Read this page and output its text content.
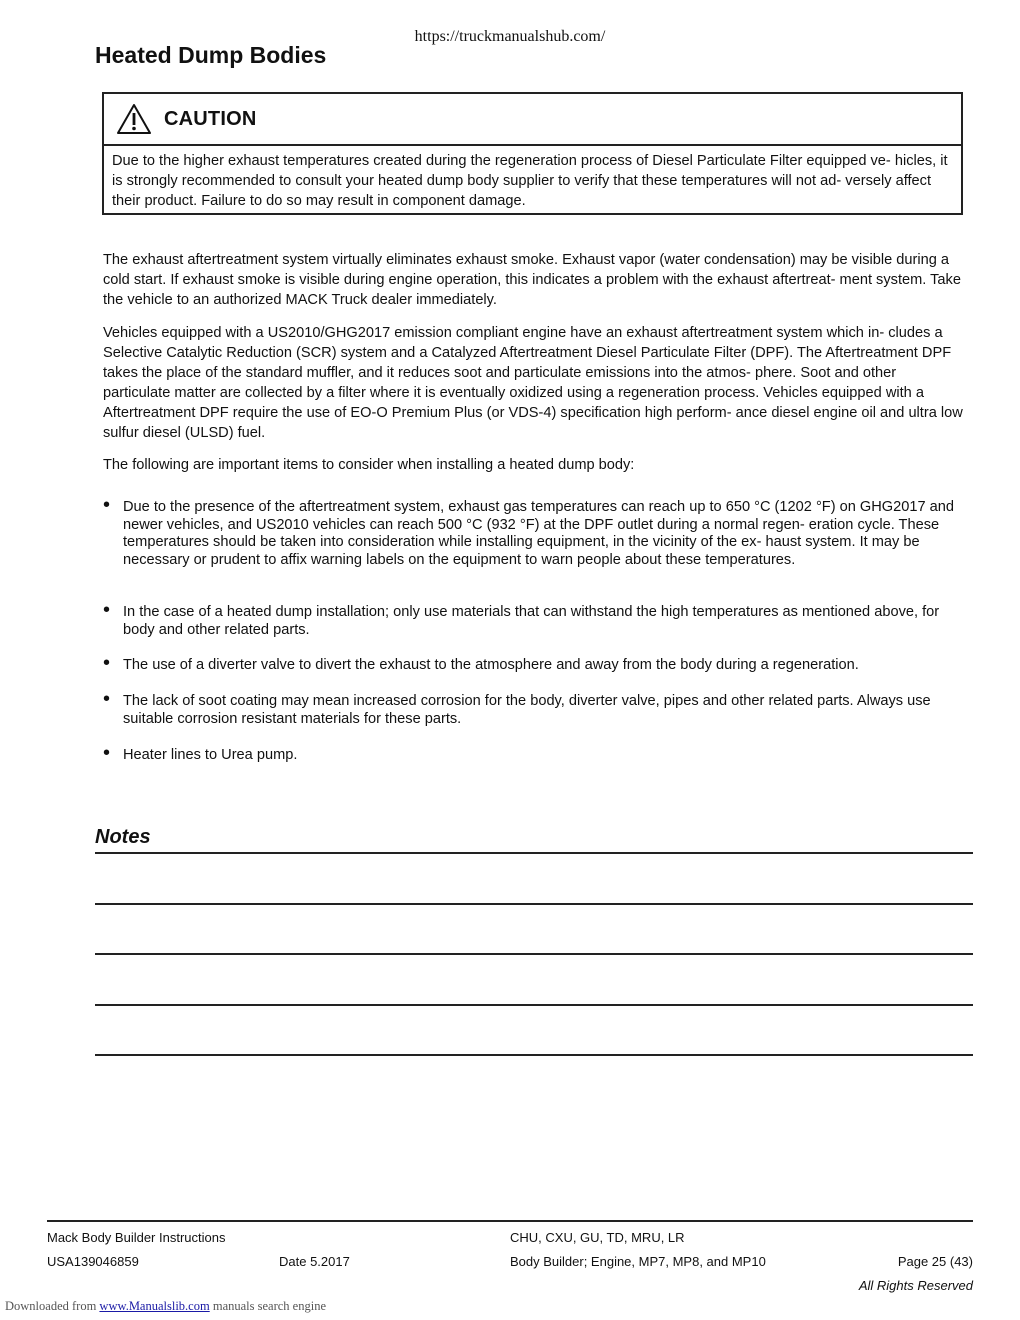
https://truckmanualshub.com/
Heated Dump Bodies
CAUTION
Due to the higher exhaust temperatures created during the regeneration process of Diesel Particulate Filter equipped ve- hicles, it is strongly recommended to consult your heated dump body supplier to verify that these temperatures will not ad- versely affect their product. Failure to do so may result in component damage.

The exhaust aftertreatment system virtually eliminates exhaust smoke. Exhaust vapor (water condensation) may be visible during a cold start. If exhaust smoke is visible during engine operation, this indicates a problem with the exhaust aftertreat- ment system. Take the vehicle to an authorized MACK Truck dealer immediately.

Vehicles equipped with a US2010/GHG2017 emission compliant engine have an exhaust aftertreatment system which in- cludes a Selective Catalytic Reduction (SCR) system and a Catalyzed Aftertreatment Diesel Particulate Filter (DPF). The Aftertreatment DPF takes the place of the standard muffler, and it reduces soot and particulate emissions into the atmos- phere. Soot and other particulate matter are collected by a filter where it is eventually oxidized using a regeneration process. Vehicles equipped with a Aftertreatment DPF require the use of EO-O Premium Plus (or VDS-4) specification high perform- ance diesel engine oil and ultra low sulfur diesel (ULSD) fuel.

The following are important items to consider when installing a heated dump body:

• Due to the presence of the aftertreatment system, exhaust gas temperatures can reach up to 650 °C (1202 °F) on GHG2017 and newer vehicles, and US2010 vehicles can reach 500 °C (932 °F) at the DPF outlet during a normal regen- eration cycle. These temperatures should be taken into consideration while installing equipment, in the vicinity of the ex- haust system. It may be necessary or prudent to affix warning labels on the equipment to warn people about these temperatures.
• In the case of a heated dump installation; only use materials that can withstand the high temperatures as mentioned above, for body and other related parts.
• The use of a diverter valve to divert the exhaust to the atmosphere and away from the body during a regeneration.
• The lack of soot coating may mean increased corrosion for the body, diverter valve, pipes and other related parts. Always use suitable corrosion resistant materials for these parts.
• Heater lines to Urea pump.
Notes
Mack Body Builder Instructions	CHU, CXU, GU, TD, MRU, LR
USA139046859	Date 5.2017	Body Builder; Engine, MP7, MP8, and MP10	Page 25 (43)
All Rights Reserved
Downloaded from www.Manualslib.com manuals search engine
